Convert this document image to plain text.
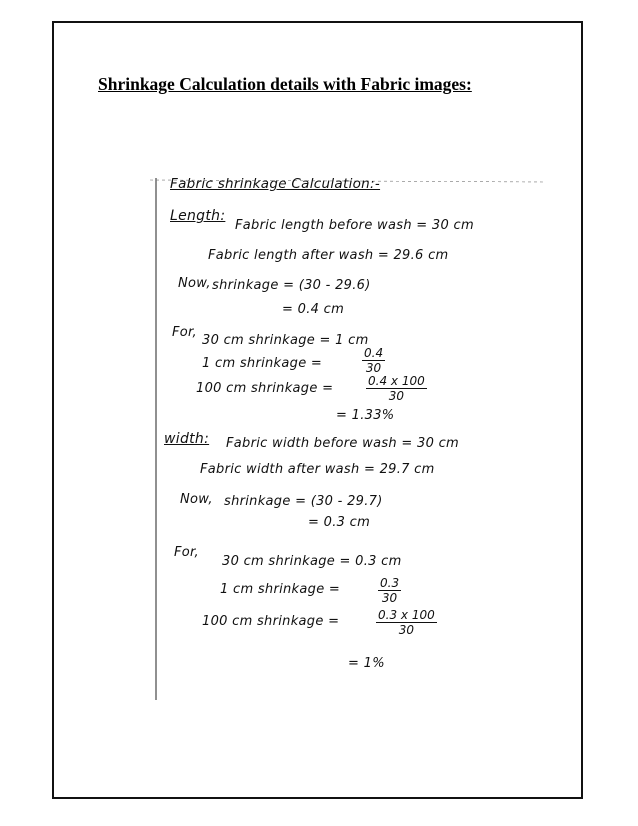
Shrinkage Calculation details with Fabric images:

Fabric shrinkage Calculation:-

Length:

Fabric length before wash = 30 cm

Fabric length after wash = 29.6 cm

Now, shrinkage = (30 - 29.6)

= 0.4 cm

For,

30 cm shrinkage = 1 cm

1 cm shrinkage =	$\frac{0.4}{30}$

100 cm shrinkage =	$\frac{0.4 x 100}{30}$

= 1.33%

width: Fabric width before wash = 30 cm

Fabric width after wash = 29.7 cm

Now, shrinkage = (30 - 29.7)

= 0.3 cm

For,

30 cm shrinkage = 0.3 cm

1 cm shrinkage =	$\frac{0.3}{30}$

100 cm shrinkage =	$\frac{0.3 x 100}{30}$

= 1%
